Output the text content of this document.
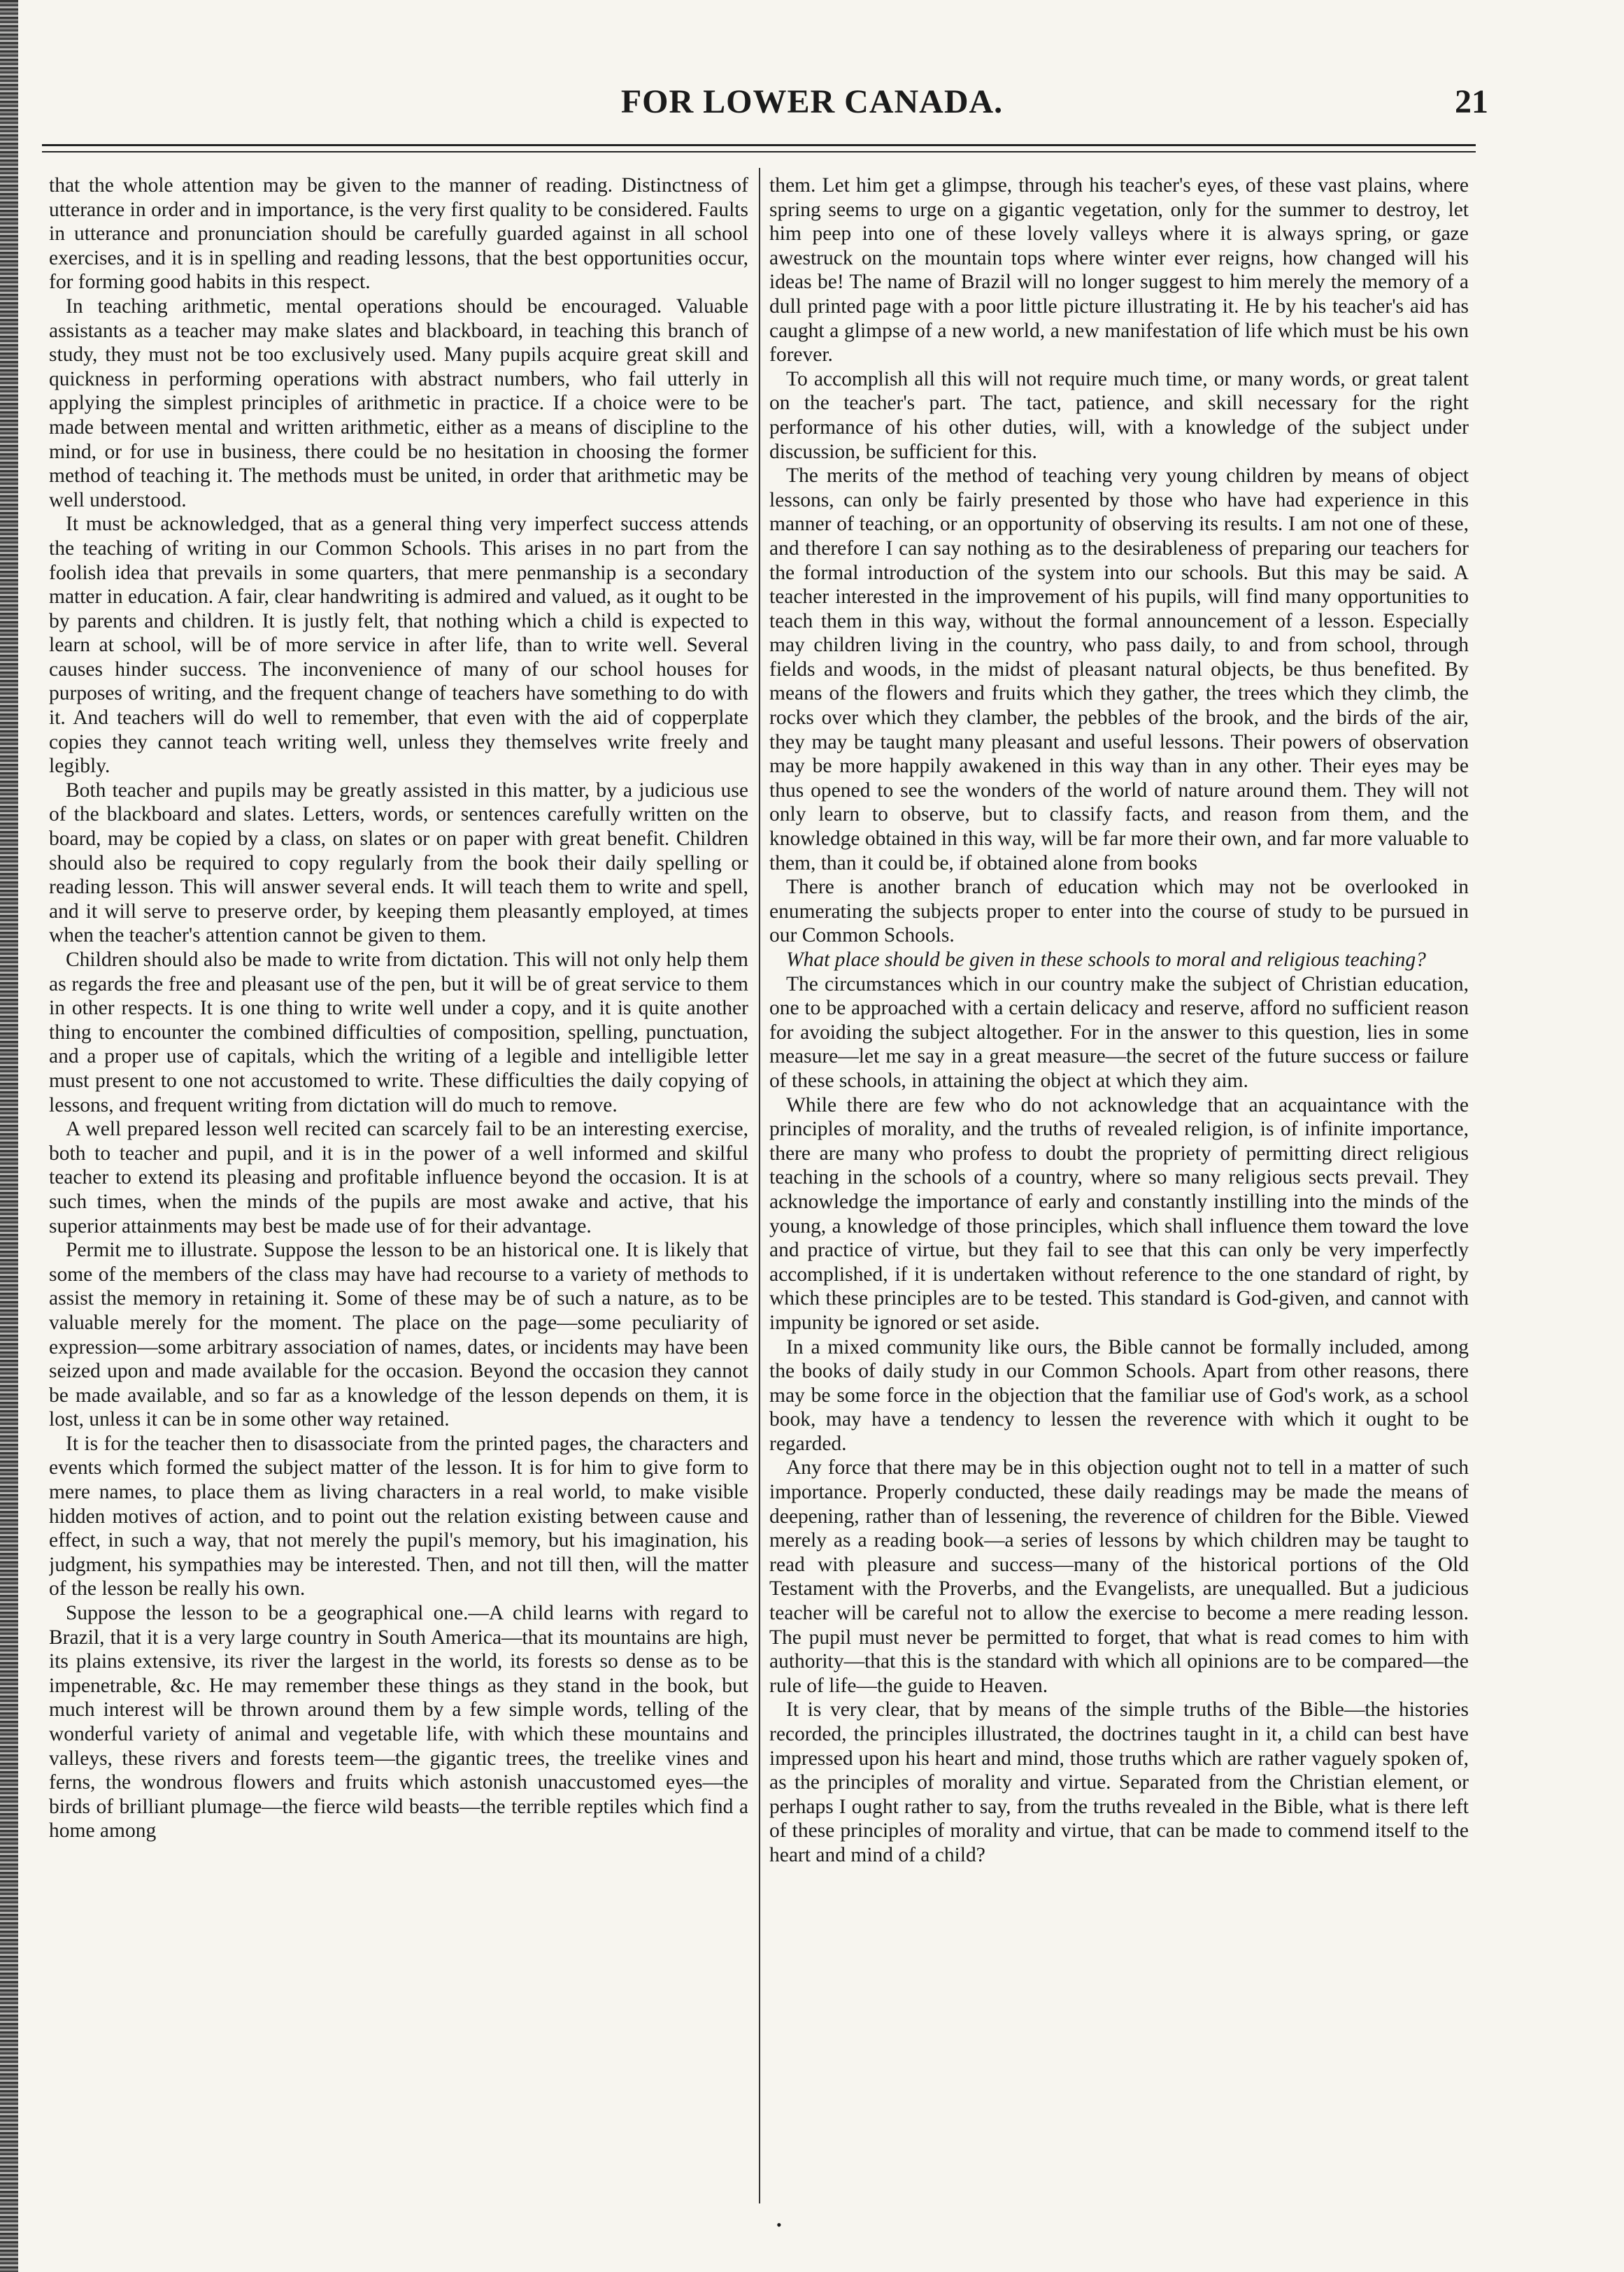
FOR LOWER CANADA.	21

that the whole attention may be given to the manner of reading. Distinctness of utterance in order and in importance, is the very first quality to be considered. Faults in utterance and pronunciation should be carefully guarded against in all school exercises, and it is in spelling and reading lessons, that the best opportunities occur, for forming good habits in this respect.

In teaching arithmetic, mental operations should be encouraged. Valuable assistants as a teacher may make slates and blackboard, in teaching this branch of study, they must not be too exclusively used. Many pupils acquire great skill and quickness in performing operations with abstract numbers, who fail utterly in applying the simplest principles of arithmetic in practice. If a choice were to be made between mental and written arithmetic, either as a means of discipline to the mind, or for use in business, there could be no hesitation in choosing the former method of teaching it. The methods must be united, in order that arithmetic may be well understood.

It must be acknowledged, that as a general thing very imperfect success attends the teaching of writing in our Common Schools. This arises in no part from the foolish idea that prevails in some quarters, that mere penmanship is a secondary matter in education. A fair, clear handwriting is admired and valued, as it ought to be by parents and children. It is justly felt, that nothing which a child is expected to learn at school, will be of more service in after life, than to write well. Several causes hinder success. The inconvenience of many of our school houses for purposes of writing, and the frequent change of teachers have something to do with it. And teachers will do well to remember, that even with the aid of copperplate copies they cannot teach writing well, unless they themselves write freely and legibly.

Both teacher and pupils may be greatly assisted in this matter, by a judicious use of the blackboard and slates. Letters, words, or sentences carefully written on the board, may be copied by a class, on slates or on paper with great benefit. Children should also be required to copy regularly from the book their daily spelling or reading lesson. This will answer several ends. It will teach them to write and spell, and it will serve to preserve order, by keeping them pleasantly employed, at times when the teacher's attention cannot be given to them.

Children should also be made to write from dictation. This will not only help them as regards the free and pleasant use of the pen, but it will be of great service to them in other respects. It is one thing to write well under a copy, and it is quite another thing to encounter the combined difficulties of composition, spelling, punctuation, and a proper use of capitals, which the writing of a legible and intelligible letter must present to one not accustomed to write. These difficulties the daily copying of lessons, and frequent writing from dictation will do much to remove.

A well prepared lesson well recited can scarcely fail to be an interesting exercise, both to teacher and pupil, and it is in the power of a well informed and skilful teacher to extend its pleasing and profitable influence beyond the occasion. It is at such times, when the minds of the pupils are most awake and active, that his superior attainments may best be made use of for their advantage.

Permit me to illustrate. Suppose the lesson to be an historical one. It is likely that some of the members of the class may have had recourse to a variety of methods to assist the memory in retaining it. Some of these may be of such a nature, as to be valuable merely for the moment. The place on the page—some peculiarity of expression—some arbitrary association of names, dates, or incidents may have been seized upon and made available for the occasion. Beyond the occasion they cannot be made available, and so far as a knowledge of the lesson depends on them, it is lost, unless it can be in some other way retained.

It is for the teacher then to disassociate from the printed pages, the characters and events which formed the subject matter of the lesson. It is for him to give form to mere names, to place them as living characters in a real world, to make visible hidden motives of action, and to point out the relation existing between cause and effect, in such a way, that not merely the pupil's memory, but his imagination, his judgment, his sympathies may be interested. Then, and not till then, will the matter of the lesson be really his own.

Suppose the lesson to be a geographical one.—A child learns with regard to Brazil, that it is a very large country in South America—that its mountains are high, its plains extensive, its river the largest in the world, its forests so dense as to be impenetrable, &c. He may remember these things as they stand in the book, but much interest will be thrown around them by a few simple words, telling of the wonderful variety of animal and vegetable life, with which these mountains and valleys, these rivers and forests teem—the gigantic trees, the treelike vines and ferns, the wondrous flowers and fruits which astonish unaccustomed eyes—the birds of brilliant plumage—the fierce wild beasts—the terrible reptiles which find a home among

them. Let him get a glimpse, through his teacher's eyes, of these vast plains, where spring seems to urge on a gigantic vegetation, only for the summer to destroy, let him peep into one of these lovely valleys where it is always spring, or gaze awestruck on the mountain tops where winter ever reigns, how changed will his ideas be! The name of Brazil will no longer suggest to him merely the memory of a dull printed page with a poor little picture illustrating it. He by his teacher's aid has caught a glimpse of a new world, a new manifestation of life which must be his own forever.

To accomplish all this will not require much time, or many words, or great talent on the teacher's part. The tact, patience, and skill necessary for the right performance of his other duties, will, with a knowledge of the subject under discussion, be sufficient for this.

The merits of the method of teaching very young children by means of object lessons, can only be fairly presented by those who have had experience in this manner of teaching, or an opportunity of observing its results. I am not one of these, and therefore I can say nothing as to the desirableness of preparing our teachers for the formal introduction of the system into our schools. But this may be said. A teacher interested in the improvement of his pupils, will find many opportunities to teach them in this way, without the formal announcement of a lesson. Especially may children living in the country, who pass daily, to and from school, through fields and woods, in the midst of pleasant natural objects, be thus benefited. By means of the flowers and fruits which they gather, the trees which they climb, the rocks over which they clamber, the pebbles of the brook, and the birds of the air, they may be taught many pleasant and useful lessons. Their powers of observation may be more happily awakened in this way than in any other. Their eyes may be thus opened to see the wonders of the world of nature around them. They will not only learn to observe, but to classify facts, and reason from them, and the knowledge obtained in this way, will be far more their own, and far more valuable to them, than it could be, if obtained alone from books

There is another branch of education which may not be overlooked in enumerating the subjects proper to enter into the course of study to be pursued in our Common Schools.

What place should be given in these schools to moral and religious teaching?

The circumstances which in our country make the subject of Christian education, one to be approached with a certain delicacy and reserve, afford no sufficient reason for avoiding the subject altogether. For in the answer to this question, lies in some measure—let me say in a great measure—the secret of the future success or failure of these schools, in attaining the object at which they aim.

While there are few who do not acknowledge that an acquaintance with the principles of morality, and the truths of revealed religion, is of infinite importance, there are many who profess to doubt the propriety of permitting direct religious teaching in the schools of a country, where so many religious sects prevail. They acknowledge the importance of early and constantly instilling into the minds of the young, a knowledge of those principles, which shall influence them toward the love and practice of virtue, but they fail to see that this can only be very imperfectly accomplished, if it is undertaken without reference to the one standard of right, by which these principles are to be tested. This standard is God-given, and cannot with impunity be ignored or set aside.

In a mixed community like ours, the Bible cannot be formally included, among the books of daily study in our Common Schools. Apart from other reasons, there may be some force in the objection that the familiar use of God's work, as a school book, may have a tendency to lessen the reverence with which it ought to be regarded.

Any force that there may be in this objection ought not to tell in a matter of such importance. Properly conducted, these daily readings may be made the means of deepening, rather than of lessening, the reverence of children for the Bible. Viewed merely as a reading book—a series of lessons by which children may be taught to read with pleasure and success—many of the historical portions of the Old Testament with the Proverbs, and the Evangelists, are unequalled. But a judicious teacher will be careful not to allow the exercise to become a mere reading lesson. The pupil must never be permitted to forget, that what is read comes to him with authority—that this is the standard with which all opinions are to be compared—the rule of life—the guide to Heaven.

It is very clear, that by means of the simple truths of the Bible—the histories recorded, the principles illustrated, the doctrines taught in it, a child can best have impressed upon his heart and mind, those truths which are rather vaguely spoken of, as the principles of morality and virtue. Separated from the Christian element, or perhaps I ought rather to say, from the truths revealed in the Bible, what is there left of these principles of morality and virtue, that can be made to commend itself to the heart and mind of a child?

•
